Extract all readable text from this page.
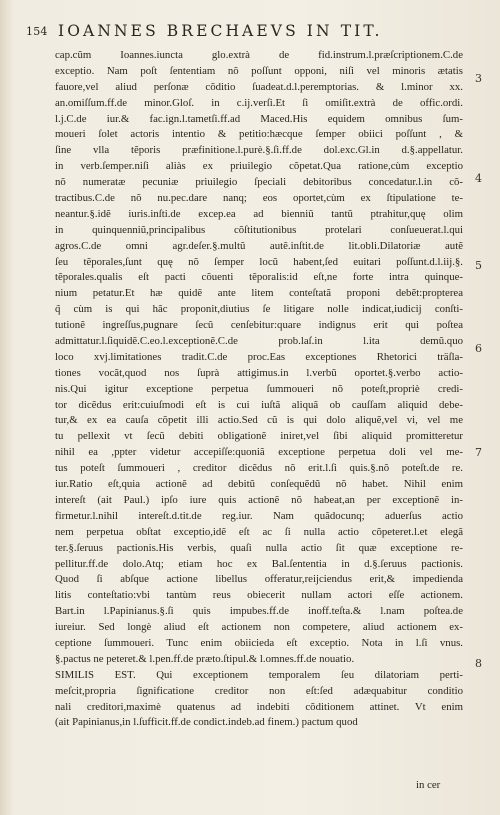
154 IOANNES BRECHAEVS IN TIT.
cap.cũm Ioannes.iuncta glo.extrà de fid.instrum.l.præſcriptionem.C.de
exceptio. Nam poſt ſententiam nõ poſſunt opponi, niſi vel minoris ætatis
fauore,vel aliud perſonæ cõditio ſuadeat.d.l.peremptorias. & l.minor xx.
an.omiſſum.ff.de minor.Gloſ. in c.ij.verſi.Et ſi omiſit.extrà de offic.ordi.
l.j.C.de iur.& fac.ign.l.tametſi.ff.ad Maced.His equidem omnibus ſum-
moueri ſolet actoris intentio & petitio:hæcque ſemper obiici poſſunt , &
ſine vlla tẽporis præfinitione.l.purè.§.ſi.ff.de dol.exc.Gl.in d.§.appellatur.
in verb.ſemper.niſi aliàs ex priuilegio cõpetat.Qua ratione,cùm exceptio
nõ numeratæ pecuniæ priuilegio ſpeciali debitoribus concedatur.l.in cõ-
tractibus.C.de nõ nu.pec.dare nanq; eos oportet,cùm ex ſtipulatione te-
neantur.§.idẽ iuris.inſti.de excep.ea ad bienniũ tantũ ptrahitur,quę olim
in quinquenniũ,principalibus cõſtitutionibus protelari conſueuerat.l.qui
agros.C.de omni agr.deſer.§.multũ autẽ.inſtit.de lit.obli.Dilatoriæ autẽ
ſeu tẽporales,ſunt quę nõ ſemper locũ habent,ſed euitari poſſunt.d.l.iij.§.
tẽporales.qualis eſt pacti cõuenti tẽporalis:id eſt,ne forte intra quinque-
nium petatur.Et hæ quidẽ ante litem conteſtatã proponi debẽt:propterea
q̃ cùm is qui hãc proponit,diutius ſe litigare nolle indicat,iudicij conſti-
tutionẽ ingreſſus,pugnare ſecũ cenſebitur:quare indignus erit qui poſtea
admittatur.l.ſiquidẽ.C.eo.l.exceptionẽ.C.de prob.laſ.in l.ita demũ.quo
loco xvj.limitationes tradit.C.de proc.Eas exceptiones Rhetorici träſla-
tiones vocãt,quod nos ſuprà attigimus.in l.verbũ oportet.§.verbo actio-
nis.Qui igitur exceptione perpetua ſummoueri nõ poteſt,propriè credi-
tor dicẽdus erit:cuiuſmodi eſt is cui iuſtã aliquã ob cauſſam aliquid debe-
tur,& ex ea cauſa cõpetit illi actio.Sed cũ is qui dolo aliquẽ,vel vi, vel me
tu pellexit vt ſecũ debiti obligationẽ iniret,vel ſibi aliquid promitteretur
nihil ea ,ppter videtur accepiſſe:quoniã exceptione perpetua doli vel me-
tus poteſt ſummoueri , creditor dicẽdus nõ erit.l.ſi quis.§.nõ poteſt.de re.
iur.Ratio eſt,quia actionẽ ad debitũ conſequẽdũ nõ habet. Nihil enim
intereſt (ait Paul.) ipſo iure quis actionẽ nõ habeat,an per exceptionẽ in-
firmetur.l.nihil intereſt.d.tit.de reg.iur. Nam quãdocunq; aduerſus actio
nem perpetua obſtat exceptio,idẽ eſt ac ſi nulla actio cõpeteret.l.et elegã
ter.§.ſeruus pactionis.His verbis, quaſi nulla actio ſit quæ exceptione re-
pellitur.ff.de dolo.Atq; etiam hoc ex Bal.ſententia in d.§.ſeruus pactionis.
Quod ſi abſque actione libellus offeratur,reijciendus erit,& impedienda
litis conteſtatio:vbi tantùm reus obiecerit nullam actori eſſe actionem.
Bart.in l.Papinianus.§.ſi quis impubes.ff.de inoff.teſta.& l.nam poſtea.de
iureiur. Sed longè aliud eſt actionem non competere, aliud actionem ex-
ceptione ſummoueri. Tunc enim obiicieda eſt exceptio. Nota in l.ſi vnus.
§.pactus ne peteret.& l.pen.ff.de præto.ſtipul.& l.omnes.ff.de nouatio.
SIMILIS EST. Qui exceptionem temporalem ſeu dilatoriam perti-
meſcit,propria ſignificatione creditor non eſt:ſed adæquabitur conditio
nali creditori,maximè quatenus ad indebiti cõditionem attinet. Vt enim
(ait Papinianus,in l.ſufficit.ff.de condict.indeb.ad finem.) pactum quod
3
4
5
6
7
8
in cer
